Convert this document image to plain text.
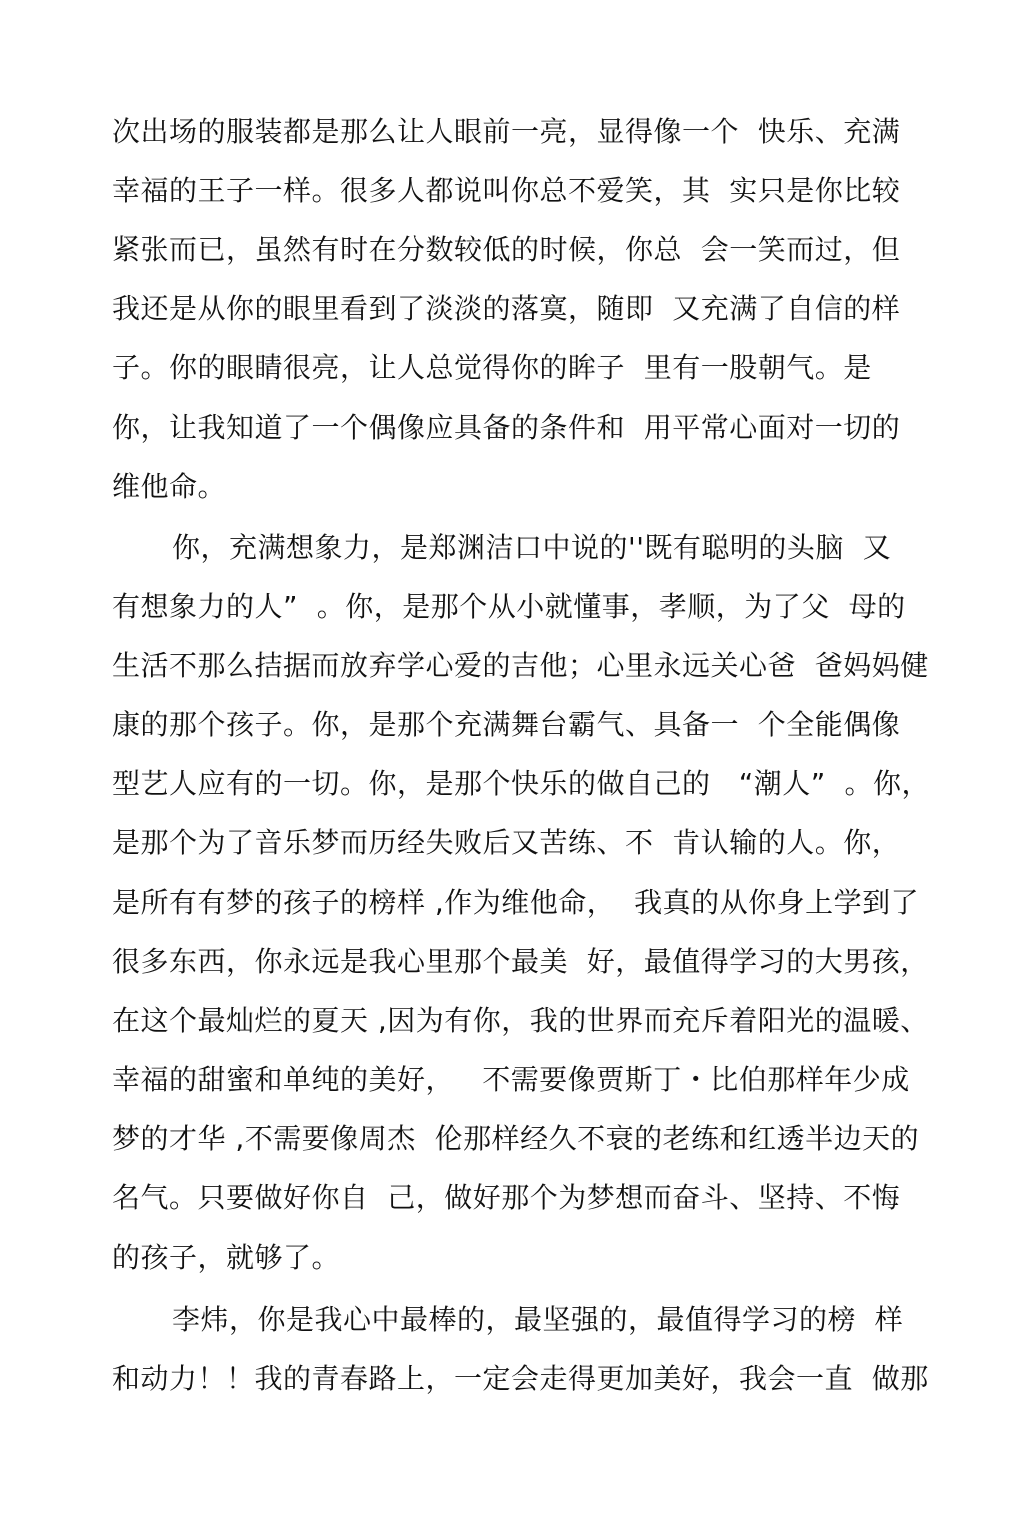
次出场的服装都是那么让人眼前一亮，显得像一个  快乐、充满
幸福的王子一样。很多人都说叫你总不爱笑，其  实只是你比较
紧张而已，虽然有时在分数较低的时候，你总  会一笑而过，但
我还是从你的眼里看到了淡淡的落寞，随即  又充满了自信的样
子。你的眼睛很亮，让人总觉得你的眸子  里有一股朝气。是
你，让我知道了一个偶像应具备的条件和  用平常心面对一切的
维他命。
你，充满想象力，是郑渊洁口中说的''既有聪明的头脑  又
有想象力的人”  。你，是那个从小就懂事，孝顺，为了父  母的
生活不那么拮据而放弃学心爱的吉他；心里永远关心爸  爸妈妈健
康的那个孩子。你，是那个充满舞台霸气、具备一  个全能偶像
型艺人应有的一切。你，是那个快乐的做自己的   “潮人”  。你，
是那个为了音乐梦而历经失败后又苦练、不  肯认输的人。你，
是所有有梦的孩子的榜样 ,作为维他命，  我真的从你身上学到了
很多东西，你永远是我心里那个最美  好，最值得学习的大男孩，
在这个最灿烂的夏天 ,因为有你，我的世界而充斥着阳光的温暖、
幸福的甜蜜和单纯的美好，   不需要像贾斯丁・比伯那样年少成
梦的才华 ,不需要像周杰  伦那样经久不衰的老练和红透半边天的
名气。只要做好你自  己，做好那个为梦想而奋斗、坚持、不悔
的孩子，就够了。
李炜，你是我心中最棒的，最坚强的，最值得学习的榜  样
和动力！！我的青春路上，一定会走得更加美好，我会一直  做那
